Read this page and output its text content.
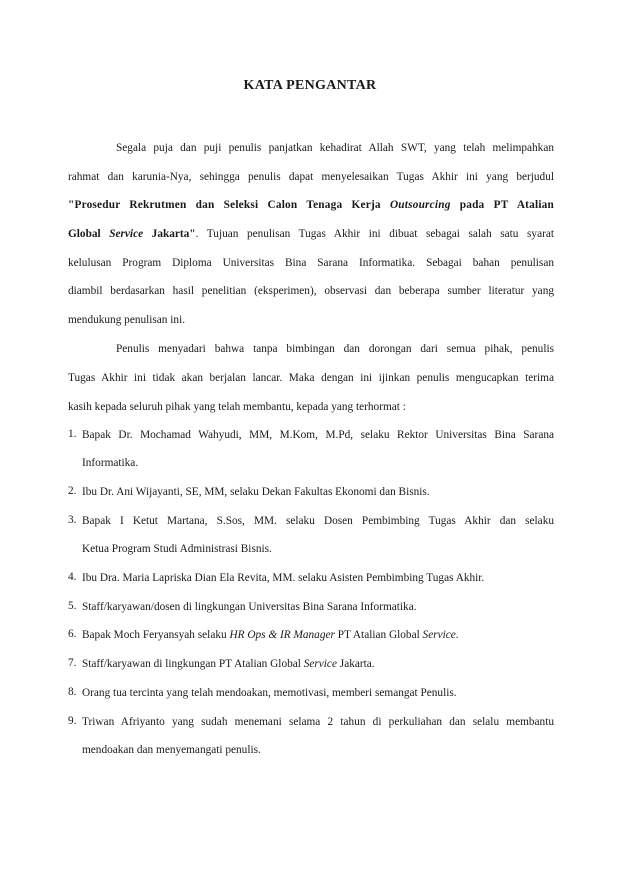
KATA PENGANTAR
Segala puja dan puji penulis panjatkan kehadirat Allah SWT, yang telah melimpahkan
rahmat dan karunia-Nya, sehingga penulis dapat menyelesaikan Tugas Akhir ini yang berjudul
"Prosedur Rekrutmen dan Seleksi Calon Tenaga Kerja Outsourcing pada PT Atalian
Global Service Jakarta". Tujuan penulisan Tugas Akhir ini dibuat sebagai salah satu syarat
kelulusan Program Diploma Universitas Bina Sarana Informatika. Sebagai bahan penulisan
diambil berdasarkan hasil penelitian (eksperimen), observasi dan beberapa sumber literatur yang
mendukung penulisan ini.
Penulis menyadari bahwa tanpa bimbingan dan dorongan dari semua pihak, penulis
Tugas Akhir ini tidak akan berjalan lancar. Maka dengan ini ijinkan penulis mengucapkan terima
kasih kepada seluruh pihak yang telah membantu, kepada yang terhormat :
1. Bapak Dr. Mochamad Wahyudi, MM, M.Kom, M.Pd, selaku Rektor Universitas Bina Sarana
Informatika.
2. Ibu Dr. Ani Wijayanti, SE, MM, selaku Dekan Fakultas Ekonomi dan Bisnis.
3. Bapak I Ketut Martana, S.Sos, MM. selaku Dosen Pembimbing Tugas Akhir dan selaku
Ketua Program Studi Administrasi Bisnis.
4. Ibu Dra. Maria Lapriska Dian Ela Revita, MM. selaku Asisten Pembimbing Tugas Akhir.
5. Staff/karyawan/dosen di lingkungan Universitas Bina Sarana Informatika.
6. Bapak Moch Feryansyah selaku HR Ops & IR Manager PT Atalian Global Service.
7. Staff/karyawan di lingkungan PT Atalian Global Service Jakarta.
8. Orang tua tercinta yang telah mendoakan, memotivasi, memberi semangat Penulis.
9. Triwan Afriyanto yang sudah menemani selama 2 tahun di perkuliahan dan selalu membantu
mendoakan dan menyemangati penulis.
